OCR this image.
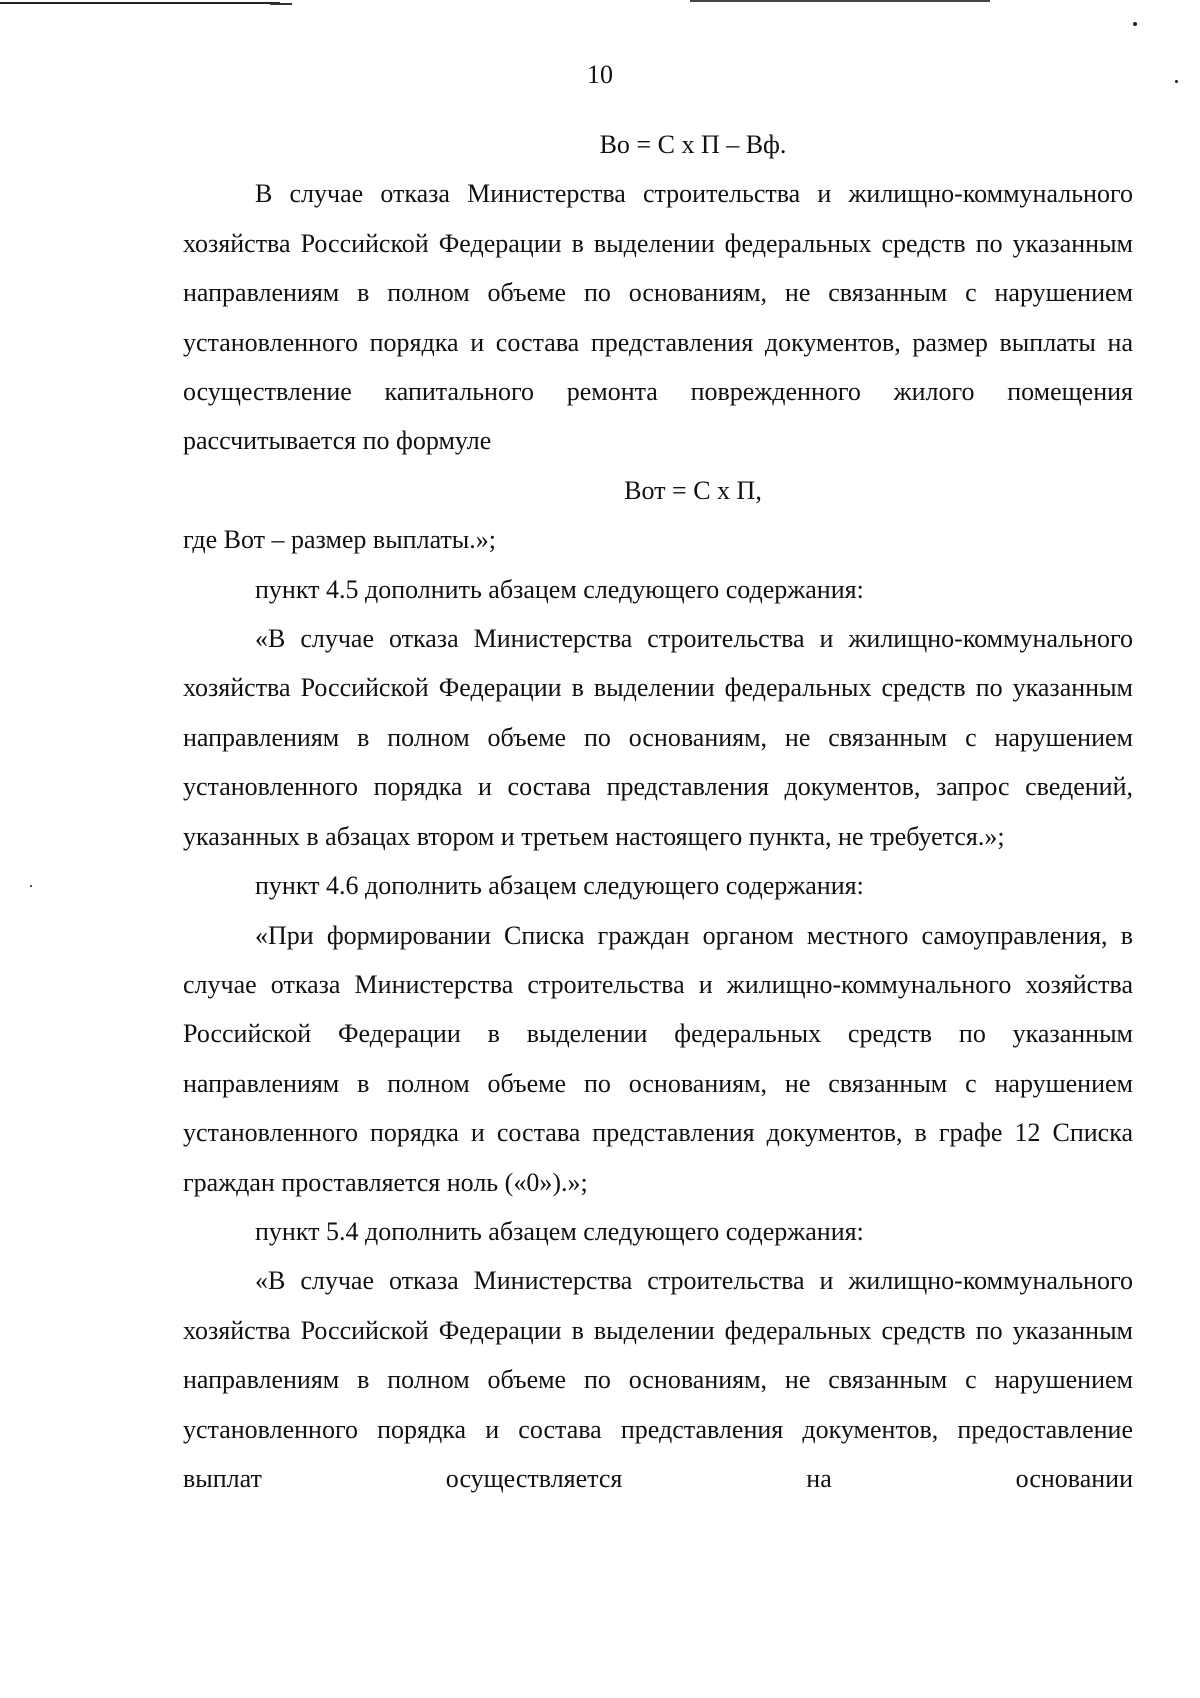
10

Во = С х П – Вф.

В случае отказа Министерства строительства и жилищно-коммунального хозяйства Российской Федерации в выделении федеральных средств по указанным направлениям в полном объеме по основаниям, не связанным с нарушением установленного порядка и состава представления документов, размер выплаты на осуществление капитального ремонта поврежденного жилого помещения рассчитывается по формуле

Вот = С х П,

где Вот – размер выплаты.»;

пункт 4.5 дополнить абзацем следующего содержания:

«В случае отказа Министерства строительства и жилищно-коммунального хозяйства Российской Федерации в выделении федеральных средств по указанным направлениям в полном объеме по основаниям, не связанным с нарушением установленного порядка и состава представления документов, запрос сведений, указанных в абзацах втором и третьем настоящего пункта, не требуется.»;

пункт 4.6 дополнить абзацем следующего содержания:

«При формировании Списка граждан органом местного самоуправления, в случае отказа Министерства строительства и жилищно-коммунального хозяйства Российской Федерации в выделении федеральных средств по указанным направлениям в полном объеме по основаниям, не связанным с нарушением установленного порядка и состава представления документов, в графе 12 Списка граждан проставляется ноль («0»).»;

пункт 5.4 дополнить абзацем следующего содержания:

«В случае отказа Министерства строительства и жилищно-коммунального хозяйства Российской Федерации в выделении федеральных средств по указанным направлениям в полном объеме по основаниям, не связанным с нарушением установленного порядка и состава представления документов, предоставление выплат осуществляется на основании
